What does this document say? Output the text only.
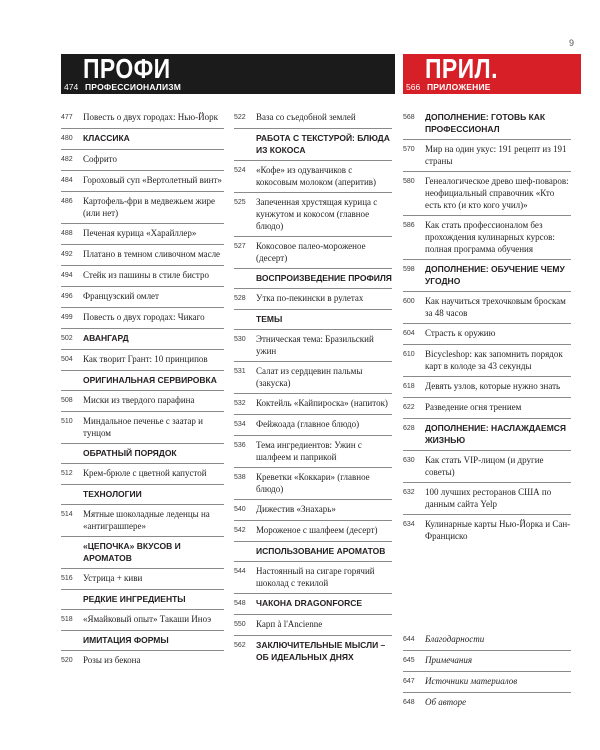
9
ПРОФИ
474 ПРОФЕССИОНАЛИЗМ
477	Повесть о двух городах: Нью-Йорк
480	КЛАССИКА
482	Софрито
484	Гороховый суп «Вертолетный винт»
486	Картофель-фри в медвежьем жире (или нет)
488	Печеная курица «Харайллер»
492	Платано в темном сливочном масле
494	Стейк из пашины в стиле бистро
496	Французский омлет
499	Повесть о двух городах: Чикаго
502	АВАНГАРД
504	Как творит Грант: 10 принципов
ОРИГИНАЛЬНАЯ СЕРВИРОВКА
508	Миски из твердого парафина
510	Миндальное печенье с заатар и тунцом
ОБРАТНЫЙ ПОРЯДОК
512	Крем-брюле с цветной капустой
ТЕХНОЛОГИИ
514	Мятные шоколадные леденцы на «антиграшпере»
«ЦЕПОЧКА» ВКУСОВ И АРОМАТОВ
516	Устрица + киви
РЕДКИЕ ИНГРЕДИЕНТЫ
518	«Ямайковый опыт» Такаши Иноэ
ИМИТАЦИЯ ФОРМЫ
520	Розы из бекона
522	Ваза со съедобной землей
РАБОТА С ТЕКСТУРОЙ: БЛЮДА ИЗ КОКОСА
524	«Кофе» из одуванчиков с кокосовым молоком (аперитив)
525	Запеченная хрустящая курица с кунжутом и кокосом (главное блюдо)
527	Кокосовое палео-мороженое (десерт)
ВОСПРОИЗВЕДЕНИЕ ПРОФИЛЯ
528	Утка по-пекински в рулетах
ТЕМЫ
530	Этническая тема: Бразильский ужин
531	Салат из сердцевин пальмы (закуска)
532	Коктейль «Кайпироска» (напиток)
534	Фейжоада (главное блюдо)
536	Тема ингредиентов: Ужин с шалфеем и паприкой
538	Креветки «Коккари» (главное блюдо)
540	Дижестив «Знахарь»
542	Мороженое с шалфеем (десерт)
ИСПОЛЬЗОВАНИЕ АРОМАТОВ
544	Настоянный на сигаре горячий шоколад с текилой
548	ЧАКОНА DRAGONFORCE
550	Карп à l'Ancienne
562	ЗАКЛЮЧИТЕЛЬНЫЕ МЫСЛИ – ОБ ИДЕАЛЬНЫХ ДНЯХ
ПРИЛ.
566 ПРИЛОЖЕНИЕ
568	ДОПОЛНЕНИЕ: ГОТОВЬ КАК ПРОФЕССИОНАЛ
570	Мир на один укус: 191 рецепт из 191 страны
580	Генеалогическое древо шеф-поваров: неофициальный справочник «Кто есть кто (и кто кого учил)»
586	Как стать профессионалом без прохождения кулинарных курсов: полная программа обучения
598	ДОПОЛНЕНИЕ: ОБУЧЕНИЕ ЧЕМУ УГОДНО
600	Как научиться трехочковым броскам за 48 часов
604	Страсть к оружию
610	Bicycleshop: как запомнить порядок карт в колоде за 43 секунды
618	Девять узлов, которые нужно знать
622	Разведение огня трением
628	ДОПОЛНЕНИЕ: НАСЛАЖДАЕМСЯ ЖИЗНЬЮ
630	Как стать VIP-лицом (и другие советы)
632	100 лучших ресторанов США по данным сайта Yelp
634	Кулинарные карты Нью-Йорка и Сан-Франциско
644	Благодарности
645	Примечания
647	Источники материалов
648	Об авторе
